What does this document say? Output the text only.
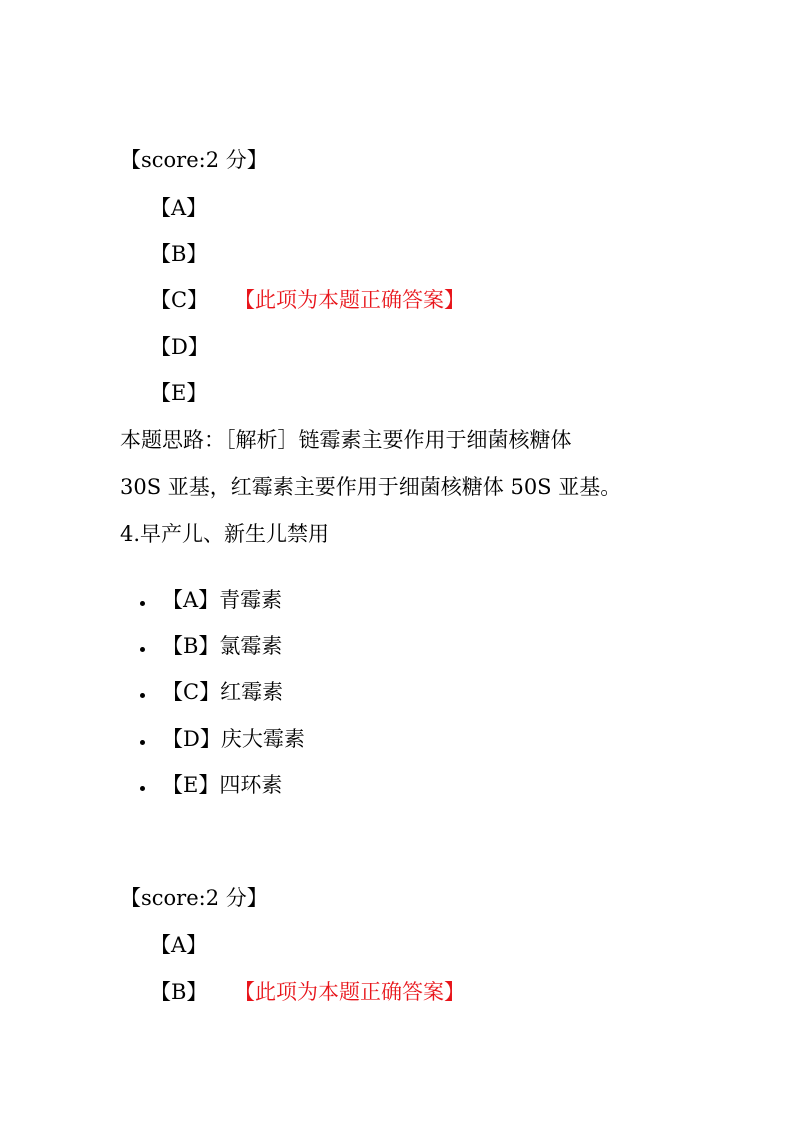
【score:2 分】
【A】
【B】
【C】 【此项为本题正确答案】
【D】
【E】
本题思路：［解析］链霉素主要作用于细菌核糖体
30S 亚基，红霉素主要作用于细菌核糖体 50S 亚基。
4.早产儿、新生儿禁用
【A】青霉素
【B】氯霉素
【C】红霉素
【D】庆大霉素
【E】四环素
【score:2 分】
【A】
【B】 【此项为本题正确答案】
